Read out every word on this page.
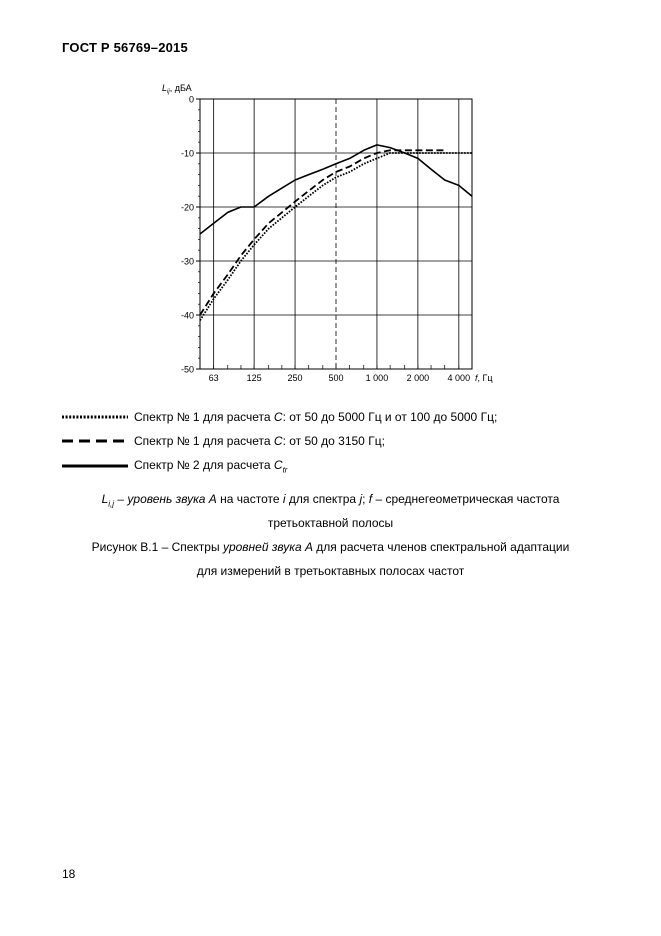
ГОСТ Р 56769–2015
0
-10
-20
-30
-40
-50
63	125	250	500 1 000 2 000 4 000
$L_{ij}$, дБА
f, Гц
Спектр № 1 для расчета C: от 50 до 5000 Гц и от 100 до 5000 Гц;
Спектр № 1 для расчета C: от 50 до 3150 Гц;
Спектр № 2 для расчета $C_{tr}$
$L_{i,j}$ – уровень звука A на частоте i для спектра j; f – среднегеометрическая частота
третьоктавной полосы
Рисунок В.1 – Спектры уровней звука А для расчета членов спектральной адаптации
для измерений в третьоктавных полосах частот
18
